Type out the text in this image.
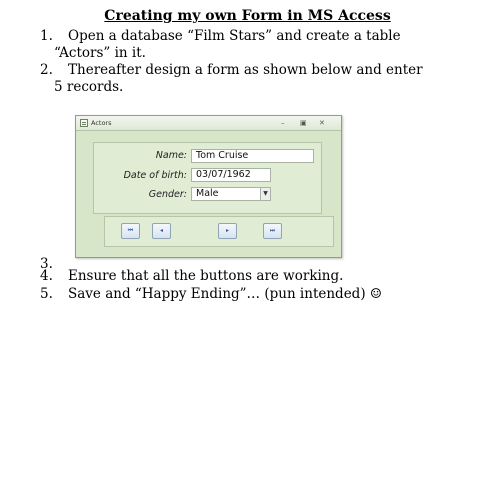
Creating my own Form in MS Access
1. Open a database “Film Stars” and create a table
“Actors” in it.
2. Thereafter design a form as shown below and enter
5 records.
Actors	– ▣ ✕
Name: Tom Cruise
Date of birth: 03/07/1962
Gender: Male	▼
⏮	◂	▸	⏭
3.
4. Ensure that all the buttons are working.
5. Save and “Happy Ending”… (pun intended) ☺
